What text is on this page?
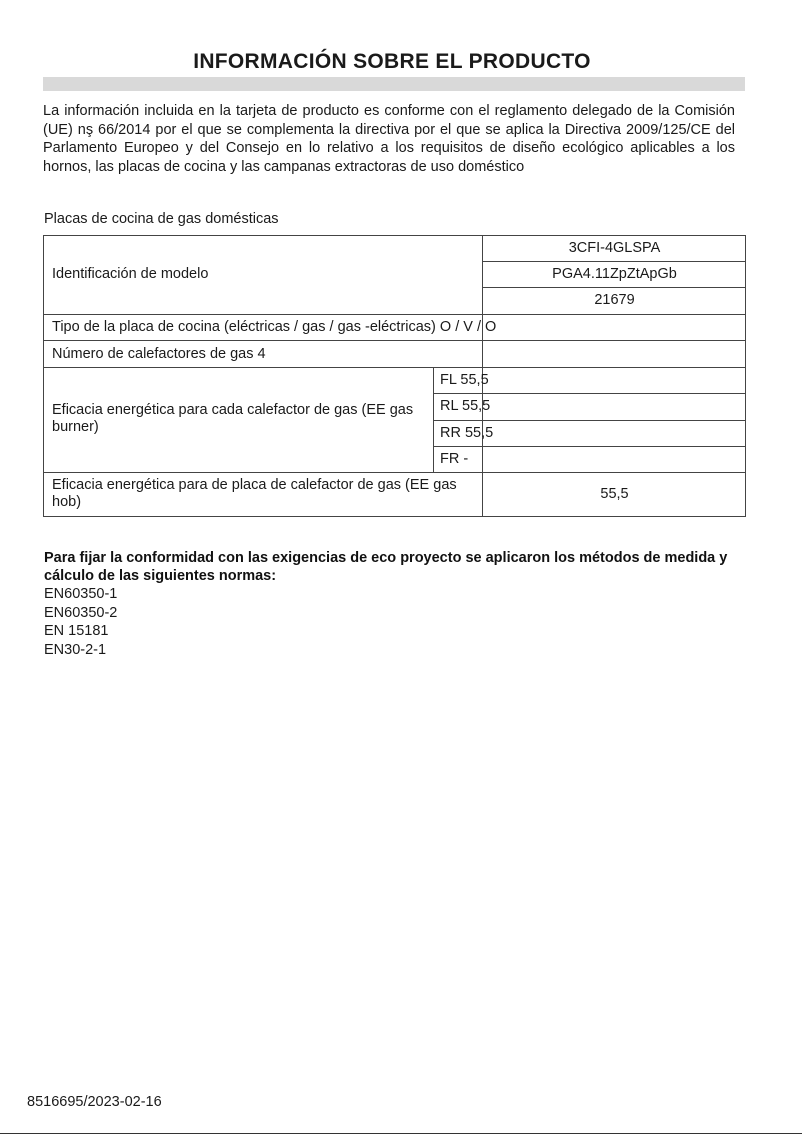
INFORMACIÓN SOBRE EL PRODUCTO
La información incluida en la tarjeta de producto es conforme con el reglamento delegado de la Comisión (UE) nş 66/2014 por el que se complementa la directiva por el que se aplica la Directiva 2009/125/CE del Parlamento Europeo y del Consejo en lo relativo a los requisitos de diseño ecológico aplicables a los hornos, las placas de cocina y las campanas extractoras de uso doméstico
Placas de cocina de gas domésticas
Identificación de modelo
3CFI-4GLSPA
PGA4.11ZpZtApGb
21679
Tipo de la placa de cocina (eléctricas / gas / gas -eléctricas) O / V / O
Número de calefactores de gas 4
Eficacia energética para cada calefactor de gas (EE gas burner)
FL 55,5
RL 55,5
RR 55,5
FR -
Eficacia energética para de placa de calefactor de gas (EE gas hob)	55,5
Para fijar la conformidad con las exigencias de eco proyecto se aplicaron los métodos de medida y cálculo de las siguientes normas:
EN60350-1
EN60350-2
EN 15181
EN30-2-1
8516695/2023-02-16
